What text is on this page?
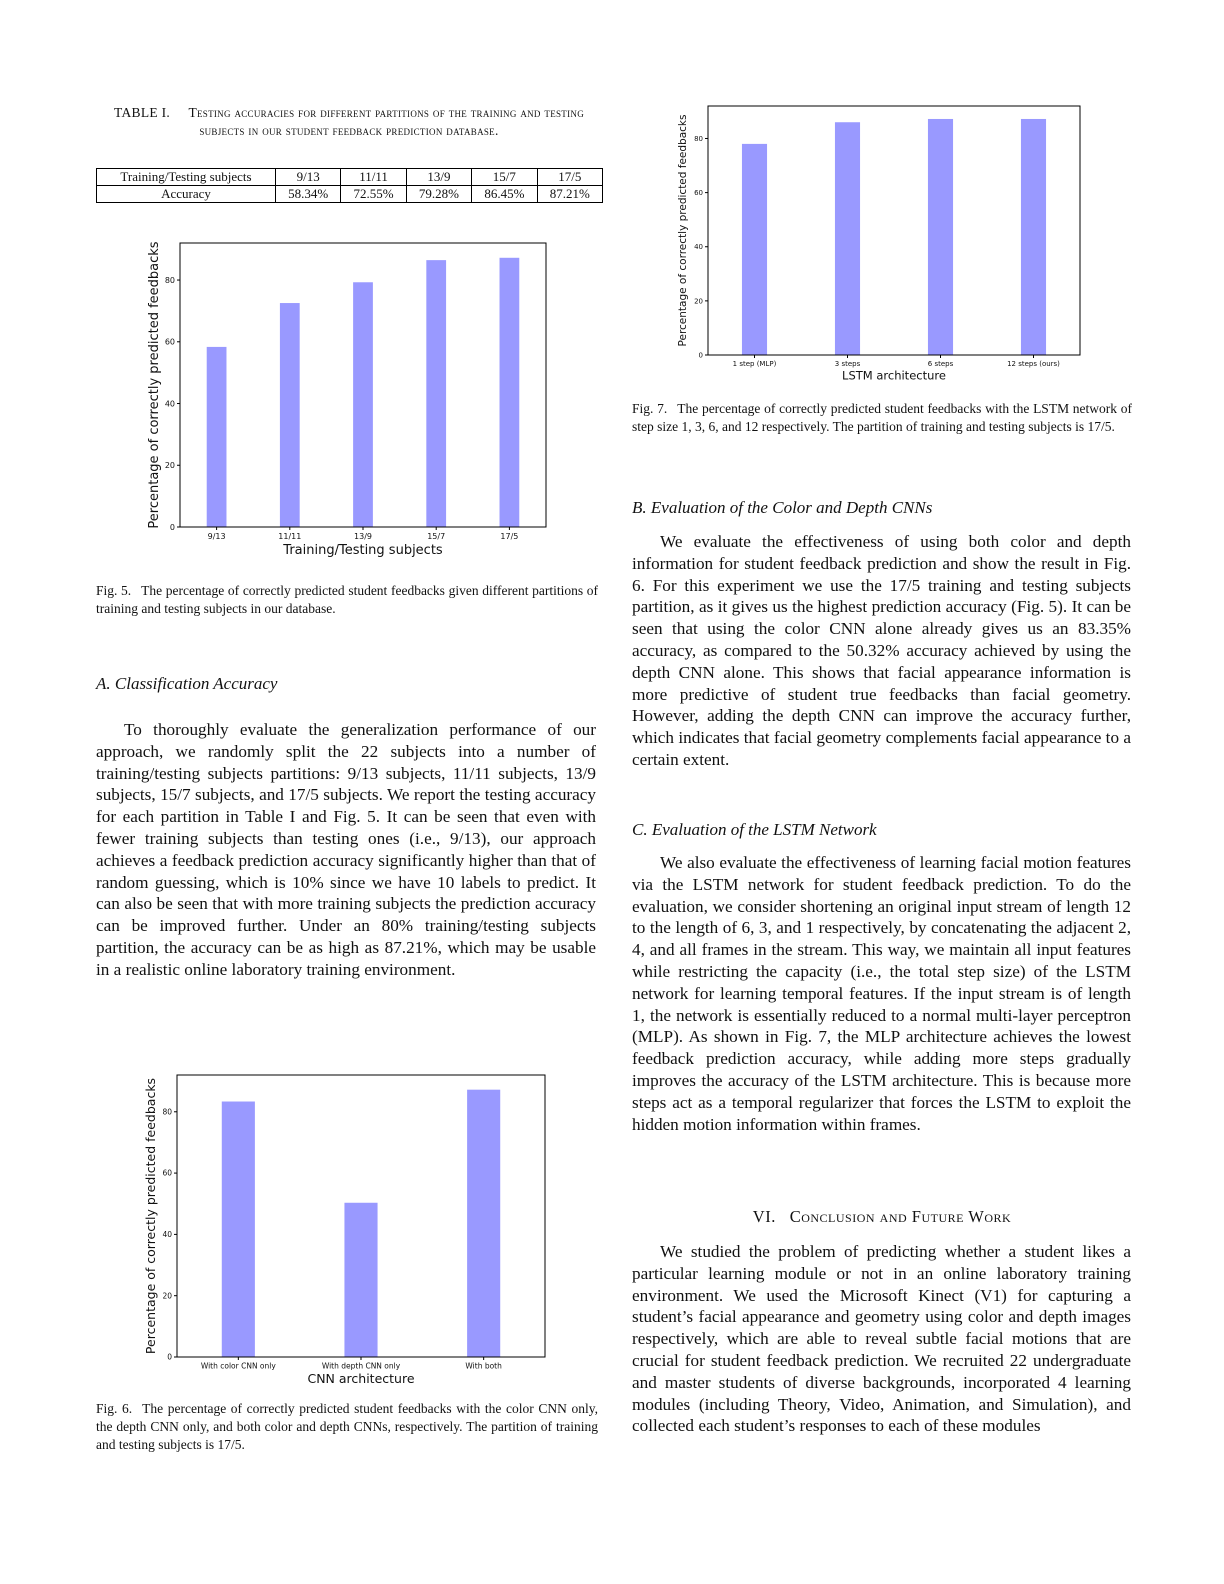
TABLE I. Testing accuracies for different partitions of the training and testing subjects in our student feedback prediction database.
Training/Testing subjects	9/13	11/11	13/9	15/7	17/5
Accuracy	58.34%	72.55%	79.28%	86.45%	87.21%
0
20
40
60
80
9/13	11/11	13/9	15/7	17/5
Training/Testing subjects
Percentage of correctly predicted feedbacks
Fig. 5. The percentage of correctly predicted student feedbacks given different partitions of training and testing subjects in our database.
A. Classification Accuracy

To thoroughly evaluate the generalization performance of our approach, we randomly split the 22 subjects into a number of training/testing subjects partitions: 9/13 subjects, 11/11 subjects, 13/9 subjects, 15/7 subjects, and 17/5 subjects. We report the testing accuracy for each partition in Table I and Fig. 5. It can be seen that even with fewer training subjects than testing ones (i.e., 9/13), our approach achieves a feedback prediction accuracy significantly higher than that of random guessing, which is 10% since we have 10 labels to predict. It can also be seen that with more training subjects the prediction accuracy can be improved further. Under an 80% training/testing subjects partition, the accuracy can be as high as 87.21%, which may be usable in a realistic online laboratory training environment.

0
20
40
60
80
With color CNN only	With depth CNN only	With both
CNN architecture
Percentage of correctly predicted feedbacks
Fig. 6. The percentage of correctly predicted student feedbacks with the color CNN only, the depth CNN only, and both color and depth CNNs, respectively. The partition of training and testing subjects is 17/5.
0
20
40
60
80
1 step (MLP)	3 steps	6 steps	12 steps (ours)
LSTM architecture
Percentage of correctly predicted feedbacks
Fig. 7. The percentage of correctly predicted student feedbacks with the LSTM network of step size 1, 3, 6, and 12 respectively. The partition of training and testing subjects is 17/5.
B. Evaluation of the Color and Depth CNNs

We evaluate the effectiveness of using both color and depth information for student feedback prediction and show the result in Fig. 6. For this experiment we use the 17/5 training and testing subjects partition, as it gives us the highest prediction accuracy (Fig. 5). It can be seen that using the color CNN alone already gives us an 83.35% accuracy, as compared to the 50.32% accuracy achieved by using the depth CNN alone. This shows that facial appearance information is more predictive of student true feedbacks than facial geometry. However, adding the depth CNN can improve the accuracy further, which indicates that facial geometry complements facial appearance to a certain extent.

C. Evaluation of the LSTM Network

We also evaluate the effectiveness of learning facial motion features via the LSTM network for student feedback prediction. To do the evaluation, we consider shortening an original input stream of length 12 to the length of 6, 3, and 1 respectively, by concatenating the adjacent 2, 4, and all frames in the stream. This way, we maintain all input features while restricting the capacity (i.e., the total step size) of the LSTM network for learning temporal features. If the input stream is of length 1, the network is essentially reduced to a normal multi-layer perceptron (MLP). As shown in Fig. 7, the MLP architecture achieves the lowest feedback prediction accuracy, while adding more steps gradually improves the accuracy of the LSTM architecture. This is because more steps act as a temporal regularizer that forces the LSTM to exploit the hidden motion information within frames.

VI. Conclusion and Future Work

We studied the problem of predicting whether a student likes a particular learning module or not in an online laboratory training environment. We used the Microsoft Kinect (V1) for capturing a student’s facial appearance and geometry using color and depth images respectively, which are able to reveal subtle facial motions that are crucial for student feedback prediction. We recruited 22 undergraduate and master students of diverse backgrounds, incorporated 4 learning modules (including Theory, Video, Animation, and Simulation), and collected each student’s responses to each of these modules
